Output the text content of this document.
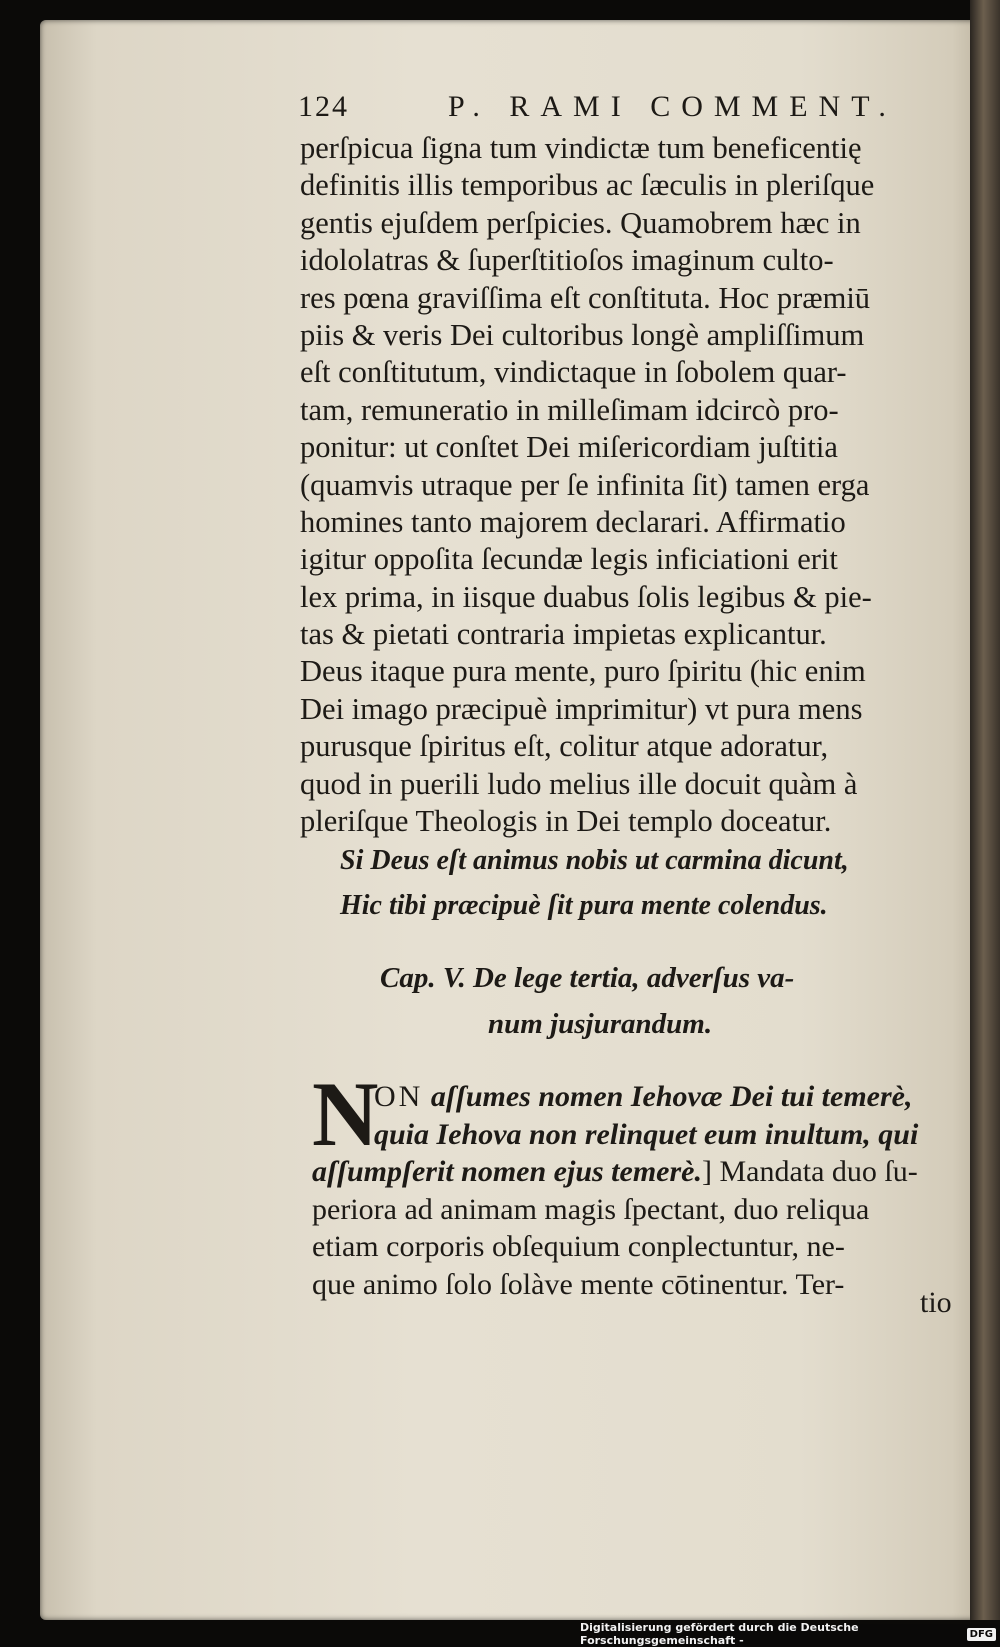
124	P. RAMI COMMENT.
perſpicua ſigna tum vindictæ tum beneficentię
definitis illis temporibus ac ſæculis in pleriſque
gentis ejuſdem perſpicies. Quamobrem hæc in
idololatras & ſuperſtitioſos imaginum culto-
res pœna graviſſima eſt conſtituta. Hoc præmiū
piis & veris Dei cultoribus longè ampliſſimum
eſt conſtitutum, vindictaque in ſobolem quar-
tam, remuneratio in milleſimam idcircò pro-
ponitur: ut conſtet Dei miſericordiam juſtitia
(quamvis utraque per ſe infinita ſit) tamen erga
homines tanto majorem declarari. Affirmatio
igitur oppoſita ſecundæ legis inficiationi erit
lex prima, in iisque duabus ſolis legibus & pie-
tas & pietati contraria impietas explicantur.
Deus itaque pura mente, puro ſpiritu (hic enim
Dei imago præcipuè imprimitur) vt pura mens
purusque ſpiritus eſt, colitur atque adoratur,
quod in puerili ludo melius ille docuit quàm à
pleriſque Theologis in Dei templo doceatur.
Si Deus eſt animus nobis ut carmina dicunt,
Hic tibi præcipuè ſit pura mente colendus.
Cap. V. De lege tertia, adverſus va-
num jusjurandum.
N
ON aſſumes nomen Iehovæ Dei tui temerè,
quia Iehova non relinquet eum inultum, qui
aſſumpſerit nomen ejus temerè.] Mandata duo ſu-
periora ad animam magis ſpectant, duo reliqua
etiam corporis obſequium conplectuntur, ne-
que animo ſolo ſolàve mente cōtinentur. Ter-
tio
Digitalisierung gefördert durch die Deutsche Forschungsgemeinschaft -	DFG
